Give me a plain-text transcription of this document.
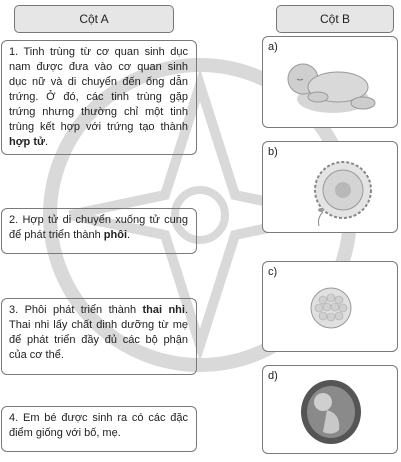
Cột A	Cột B
1. Tinh trùng từ cơ quan sinh dục nam được đưa vào cơ quan sinh dục nữ và di chuyển đến ống dẫn trứng. Ở đó, các tinh trùng gặp trứng nhưng thường chỉ một tinh trùng kết hợp với trứng tạo thành hợp tử.
2. Hợp tử di chuyển xuống tử cung để phát triển thành phôi.
3. Phôi phát triển thành thai nhi. Thai nhi lấy chất dinh dưỡng từ mẹ để phát triển đầy đủ các bộ phận của cơ thể.
4. Em bé được sinh ra có các đặc điểm giống với bố, mẹ.
a)
b)
c)
d)
